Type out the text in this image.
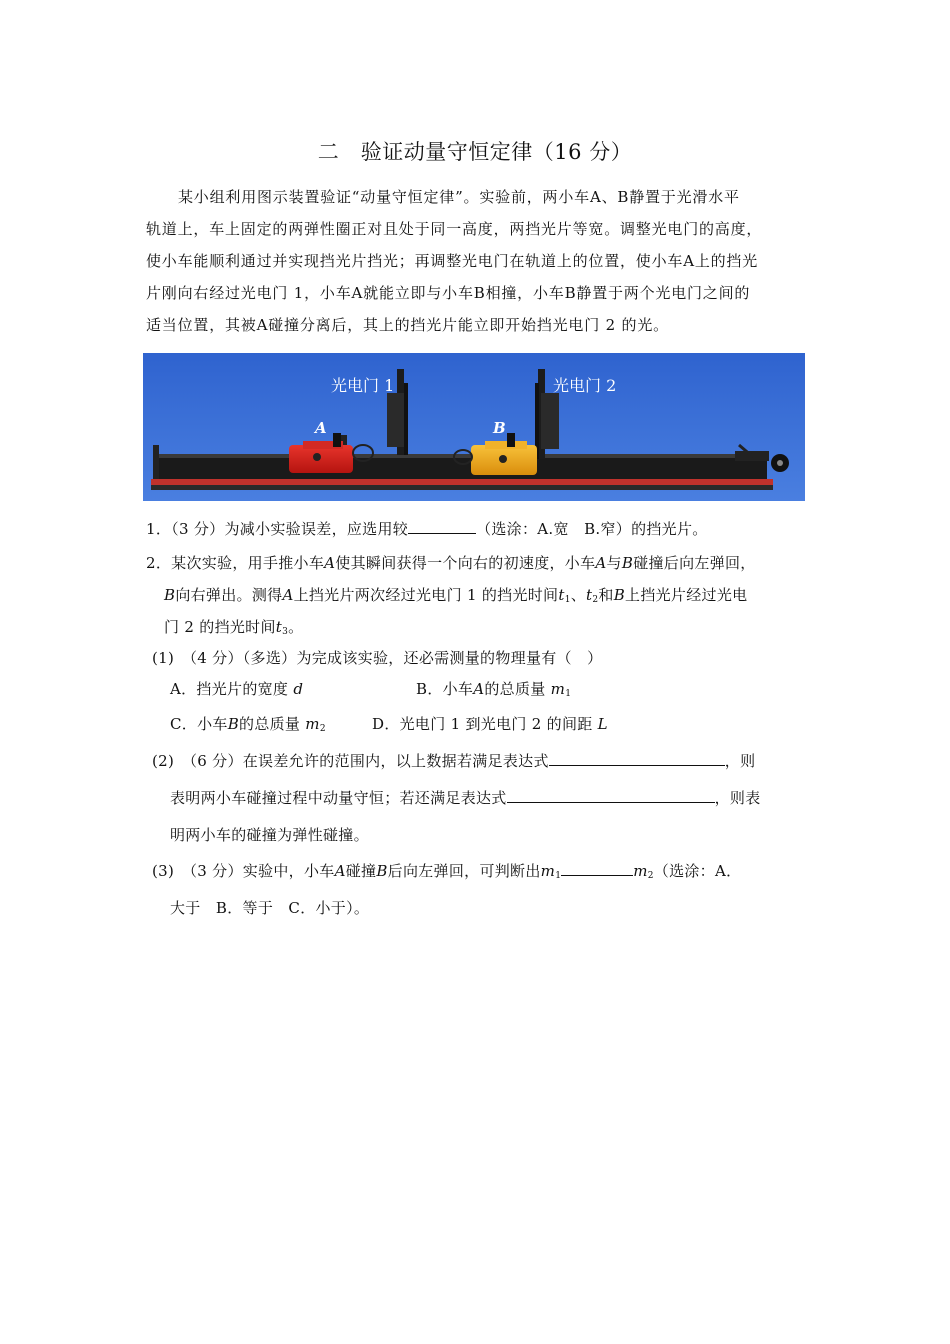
二　验证动量守恒定律（16 分）

某小组利用图示装置验证“动量守恒定律”。实验前，两小车A、B静置于光滑水平

轨道上，车上固定的两弹性圈正对且处于同一高度，两挡光片等宽。调整光电门的高度，

使小车能顺利通过并实现挡光片挡光；再调整光电门在轨道上的位置，使小车A上的挡光

片刚向右经过光电门 1，小车A就能立即与小车B相撞，小车B静置于两个光电门之间的

适当位置，其被A碰撞分离后，其上的挡光片能立即开始挡光电门 2 的光。

光电门 1	光电门 2
A	B
1．（3 分）为减小实验误差，应选用较	（选涂：A.宽　B.窄）的挡光片。
2．某次实验，用手推小车A使其瞬间获得一个向右的初速度，小车A与B碰撞后向左弹回，
B向右弹出。测得A上挡光片两次经过光电门 1 的挡光时间$t_1$、$t_2$和B上挡光片经过光电
门 2 的挡光时间$t_3$。
(1)　（4 分）（多选）为完成该实验，还必需测量的物理量有（　）
A．挡光片的宽度 d	B．小车A的总质量 $m_1$
C．小车B的总质量 $m_2$	D．光电门 1 到光电门 2 的间距 L
(2)　（6 分）在误差允许的范围内，以上数据若满足表达式	，则
表明两小车碰撞过程中动量守恒；若还满足表达式	，则表
明两小车的碰撞为弹性碰撞。
(3)　（3 分）实验中，小车A碰撞B后向左弹回，可判断出$m_1$	$m_2$（选涂：A．
大于　B．等于　C．小于）。
